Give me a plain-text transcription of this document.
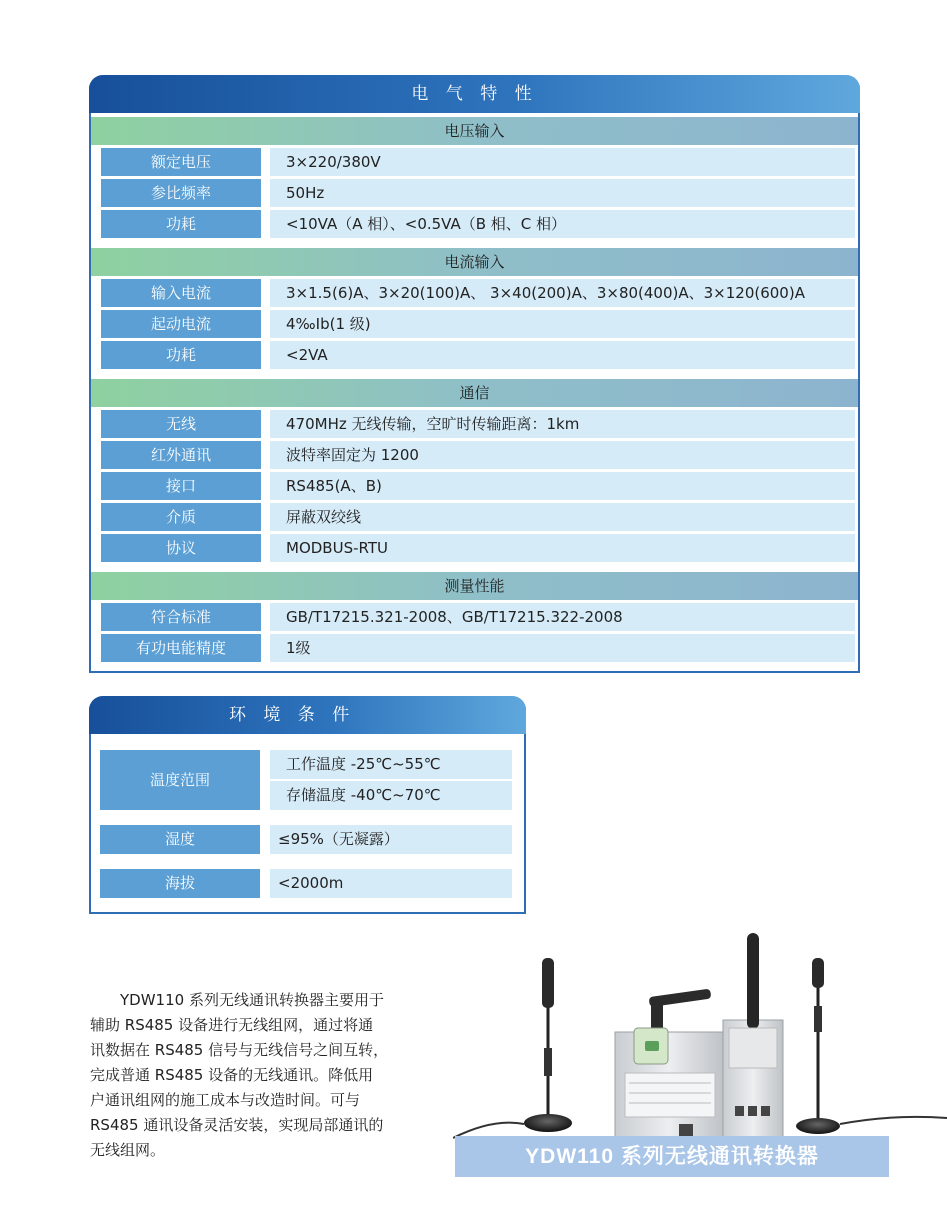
电 气 特 性
电压输入
额定电压	3×220/380V
参比频率	50Hz
功耗	<10VA（A 相）、<0.5VA（B 相、C 相）
电流输入
输入电流	3×1.5(6)A、3×20(100)A、 3×40(200)A、3×80(400)A、3×120(600)A
起动电流	4‰Ib(1 级)
功耗	<2VA
通信
无线	470MHz 无线传输，空旷时传输距离：1km
红外通讯	波特率固定为 1200
接口	RS485(A、B)
介质	屏蔽双绞线
协议	MODBUS-RTU
测量性能
符合标准	GB/T17215.321-2008、GB/T17215.322-2008
有功电能精度	1级
环 境 条 件
温度范围
工作温度 -25℃~55℃
存储温度 -40℃~70℃
湿度	≤95%（无凝露）
海拔	<2000m
YDW110 系列无线通讯转换器主要用于
辅助 RS485 设备进行无线组网，通过将通
讯数据在 RS485 信号与无线信号之间互转，
完成普通 RS485 设备的无线通讯。降低用
户通讯组网的施工成本与改造时间。可与
RS485 通讯设备灵活安装，实现局部通讯的
无线组网。	YDW110 系列无线通讯转换器
